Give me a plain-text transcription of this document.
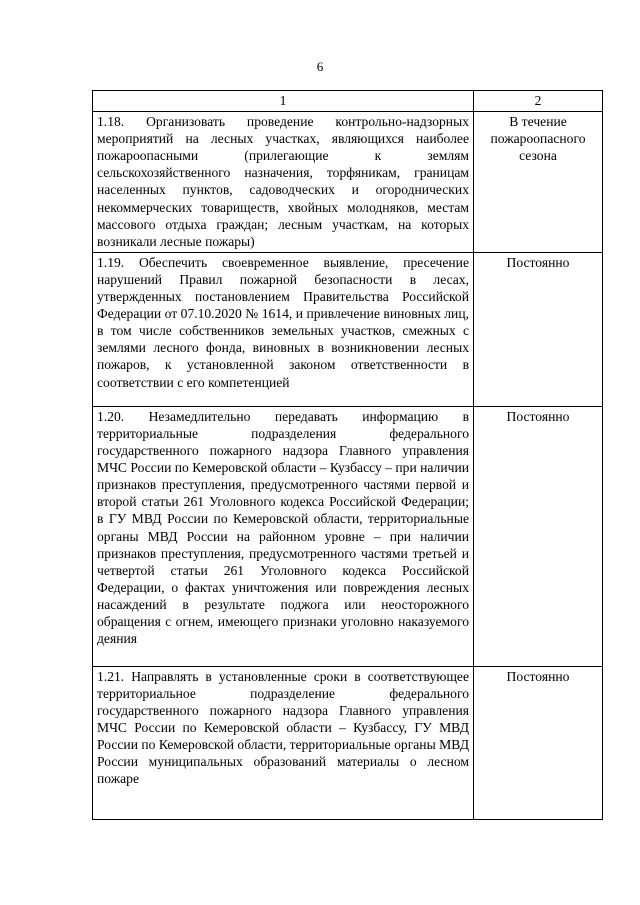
6
1	2
1.18. Организовать проведение контрольно-надзорных мероприятий на лесных участках, являющихся наиболее пожароопасными (прилегающие к землям сельскохозяйственного назначения, торфяникам, границам населенных пунктов, садоводческих и огороднических некоммерческих товариществ, хвойных молодняков, местам массового отдыха граждан; лесным участкам, на которых возникали лесные пожары)	В течение пожароопасного сезона
1.19. Обеспечить своевременное выявление, пресечение нарушений Правил пожарной безопасности в лесах, утвержденных постановлением Правительства Российской Федерации от 07.10.2020 № 1614, и привлечение виновных лиц, в том числе собственников земельных участков, смежных с землями лесного фонда, виновных в возникновении лесных пожаров, к установленной законом ответственности в соответствии с его компетенцией	Постоянно
1.20. Незамедлительно передавать информацию в территориальные подразделения федерального государственного пожарного надзора Главного управления МЧС России по Кемеровской области – Кузбассу – при наличии признаков преступления, предусмотренного частями первой и второй статьи 261 Уголовного кодекса Российской Федерации; в ГУ МВД России по Кемеровской области, территориальные органы МВД России на районном уровне – при наличии признаков преступления, предусмотренного частями третьей и четвертой статьи 261 Уголовного кодекса Российской Федерации, о фактах уничтожения или повреждения лесных насаждений в результате поджога или неосторожного обращения с огнем, имеющего признаки уголовно наказуемого деяния	Постоянно
1.21. Направлять в установленные сроки в соответствующее территориальное подразделение федерального государственного пожарного надзора Главного управления МЧС России по Кемеровской области – Кузбассу, ГУ МВД России по Кемеровской области, территориальные органы МВД России муниципальных образований материалы о лесном пожаре	Постоянно
